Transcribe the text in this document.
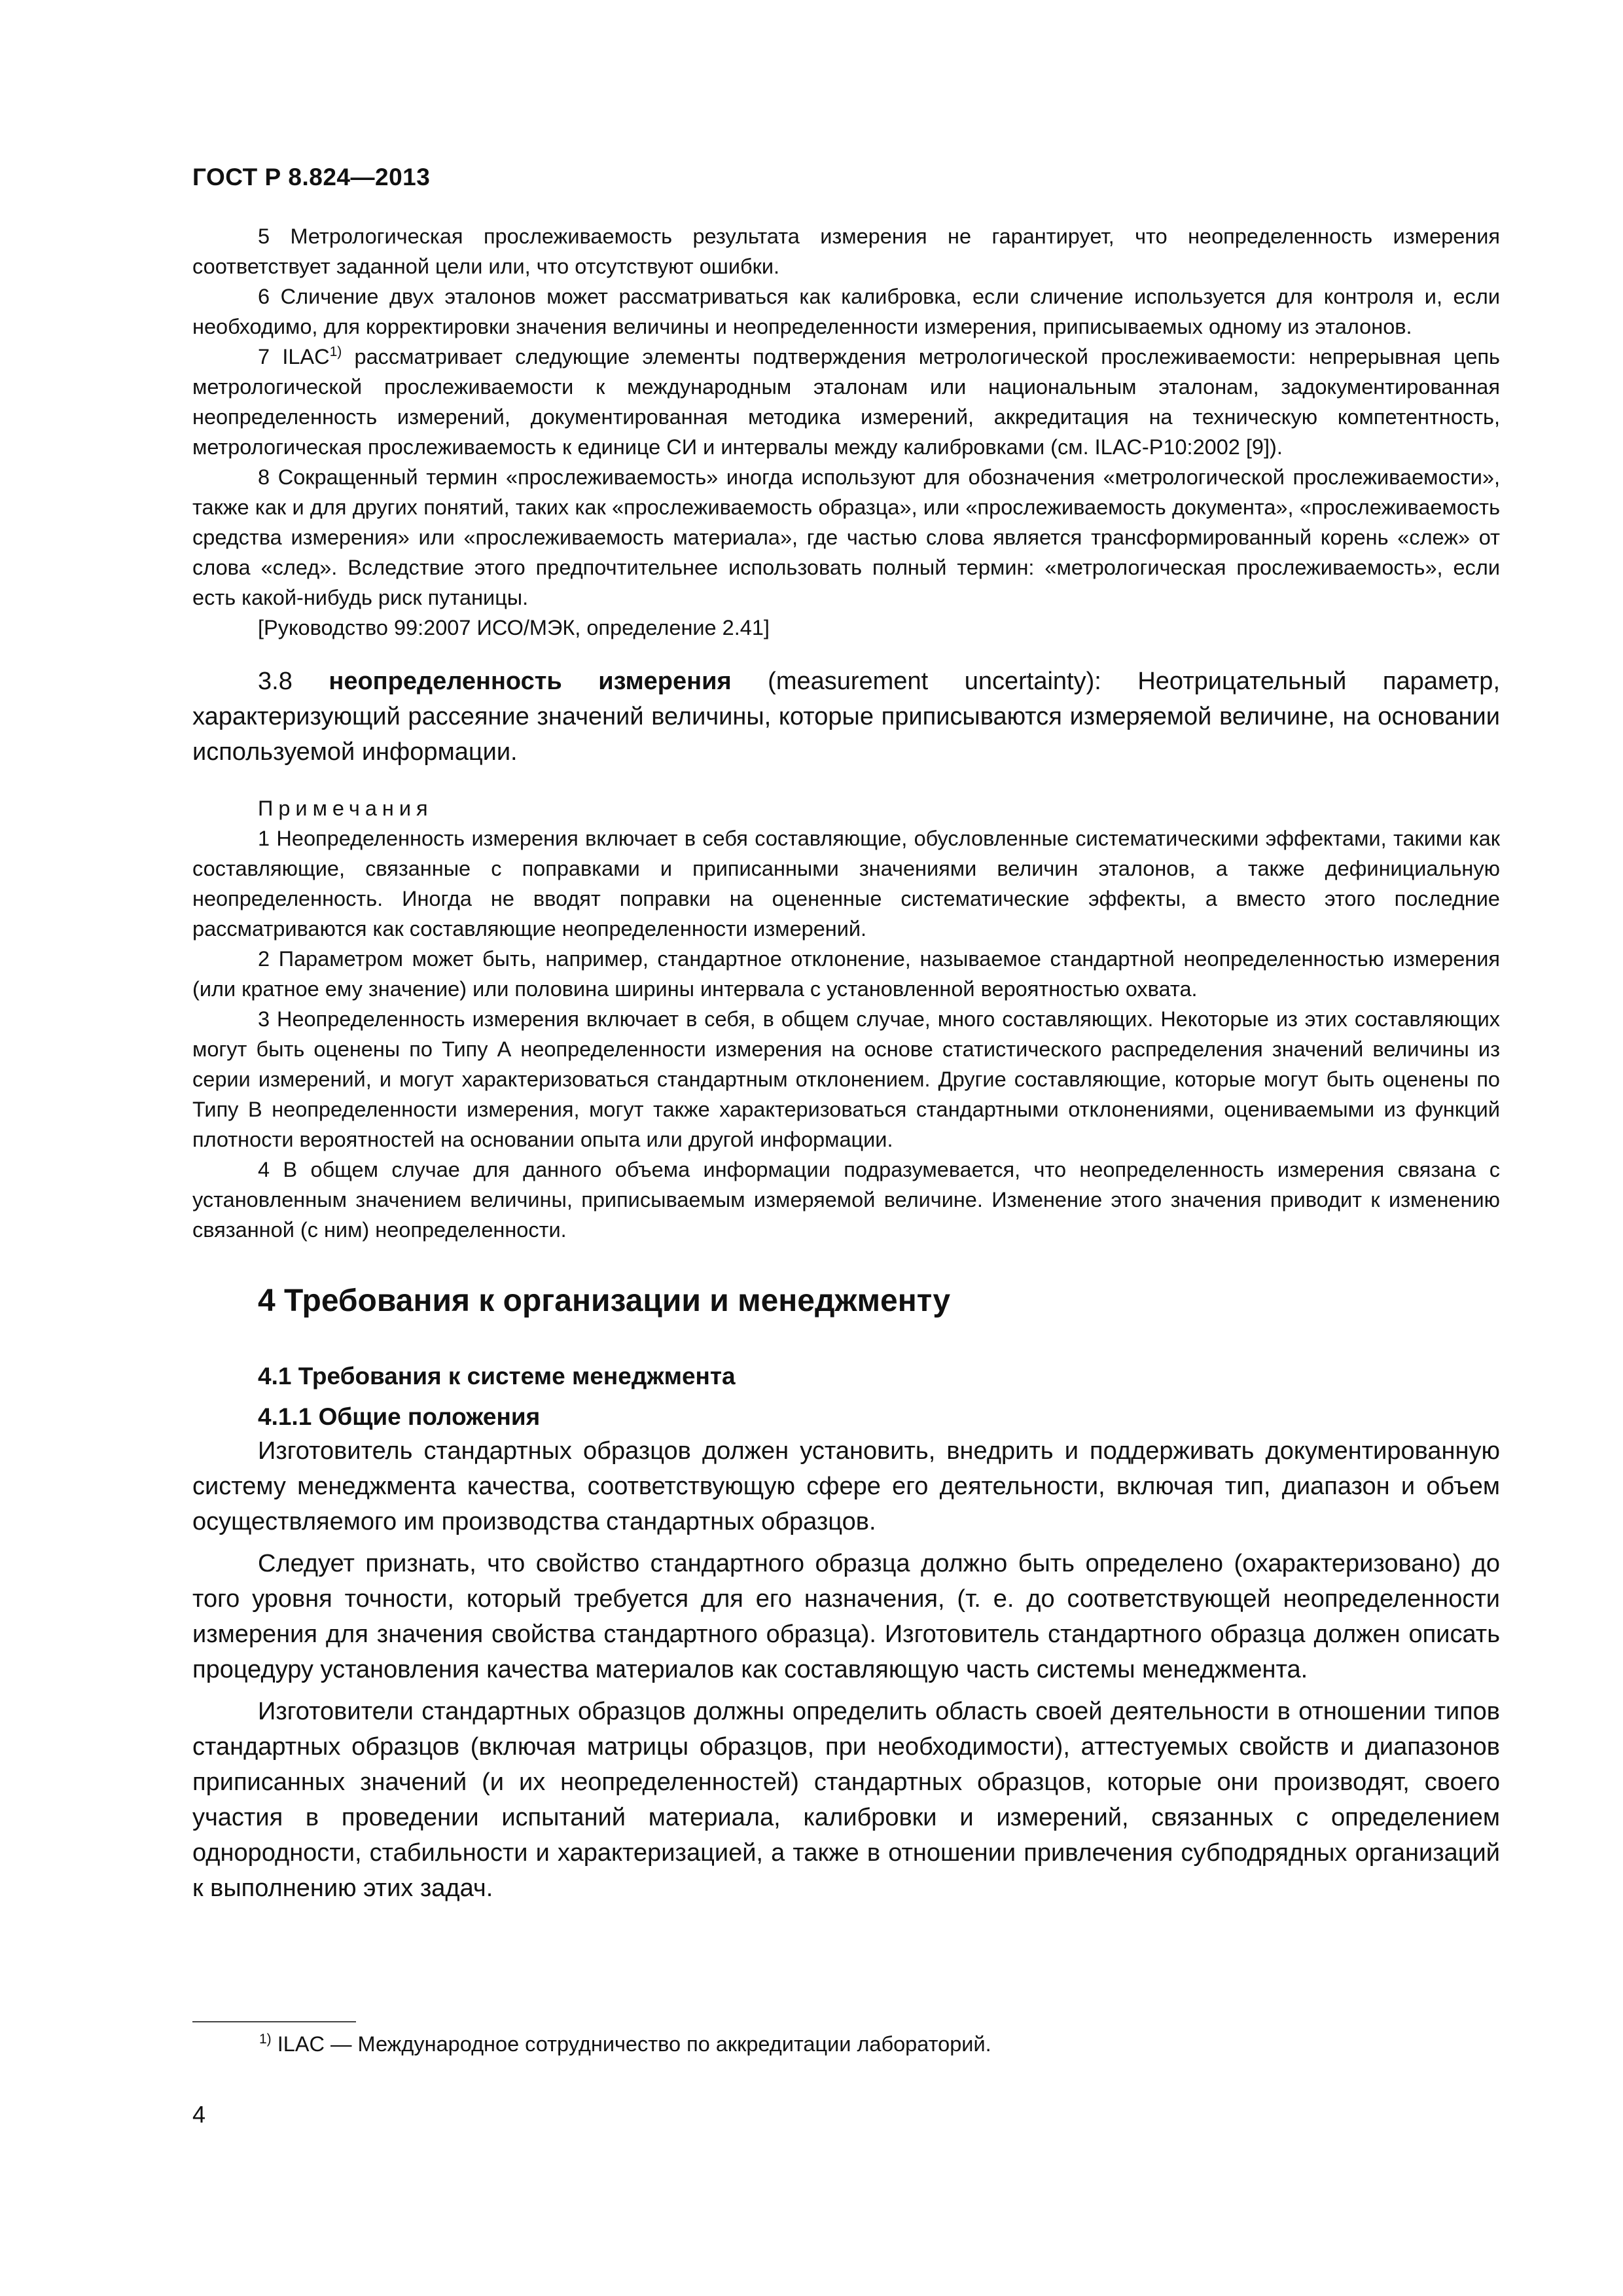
ГОСТ Р 8.824—2013

5 Метрологическая прослеживаемость результата измерения не гарантирует, что неопределенность измерения соответствует заданной цели или, что отсутствуют ошибки.

6 Сличение двух эталонов может рассматриваться как калибровка, если сличение используется для контроля и, если необходимо, для корректировки значения величины и неопределенности измерения, приписываемых одному из эталонов.

7 ILAC$^{1)}$ рассматривает следующие элементы подтверждения метрологической прослеживаемости: непрерывная цепь метрологической прослеживаемости к международным эталонам или национальным эталонам, задокументированная неопределенность измерений, документированная методика измерений, аккредитация на техническую компетентность, метрологическая прослеживаемость к единице СИ и интервалы между калибровками (см. ILAC-P10:2002 [9]).

8 Сокращенный термин «прослеживаемость» иногда используют для обозначения «метрологической прослеживаемости», также как и для других понятий, таких как «прослеживаемость образца», или «прослеживаемость документа», «прослеживаемость средства измерения» или «прослеживаемость материала», где частью слова является трансформированный корень «слеж» от слова «след». Вследствие этого предпочтительнее использовать полный термин: «метрологическая прослеживаемость», если есть какой-нибудь риск путаницы.

[Руководство 99:2007 ИСО/МЭК, определение 2.41]

3.8 неопределенность измерения (measurement uncertainty): Неотрицательный параметр, характеризующий рассеяние значений величины, которые приписываются измеряемой величине, на основании используемой информации.

Примечания

1 Неопределенность измерения включает в себя составляющие, обусловленные систематическими эффектами, такими как составляющие, связанные с поправками и приписанными значениями величин эталонов, а также дефинициальную неопределенность. Иногда не вводят поправки на оцененные систематические эффекты, а вместо этого последние рассматриваются как составляющие неопределенности измерений.

2 Параметром может быть, например, стандартное отклонение, называемое стандартной неопределенностью измерения (или кратное ему значение) или половина ширины интервала с установленной вероятностью охвата.

3 Неопределенность измерения включает в себя, в общем случае, много составляющих. Некоторые из этих составляющих могут быть оценены по Типу А неопределенности измерения на основе статистического распределения значений величины из серии измерений, и могут характеризоваться стандартным отклонением. Другие составляющие, которые могут быть оценены по Типу В неопределенности измерения, могут также характеризоваться стандартными отклонениями, оцениваемыми из функций плотности вероятностей на основании опыта или другой информации.

4 В общем случае для данного объема информации подразумевается, что неопределенность измерения связана с установленным значением величины, приписываемым измеряемой величине. Изменение этого значения приводит к изменению связанной (с ним) неопределенности.

4 Требования к организации и менеджменту
4.1 Требования к системе менеджмента
4.1.1 Общие положения

Изготовитель стандартных образцов должен установить, внедрить и поддерживать документированную систему менеджмента качества, соответствующую сфере его деятельности, включая тип, диапазон и объем осуществляемого им производства стандартных образцов.

Следует признать, что свойство стандартного образца должно быть определено (охарактеризовано) до того уровня точности, который требуется для его назначения, (т. е. до соответствующей неопределенности измерения для значения свойства стандартного образца). Изготовитель стандартного образца должен описать процедуру установления качества материалов как составляющую часть системы менеджмента.

Изготовители стандартных образцов должны определить область своей деятельности в отношении типов стандартных образцов (включая матрицы образцов, при необходимости), аттестуемых свойств и диапазонов приписанных значений (и их неопределенностей) стандартных образцов, которые они производят, своего участия в проведении испытаний материала, калибровки и измерений, связанных с определением однородности, стабильности и характеризацией, а также в отношении привлечения субподрядных организаций к выполнению этих задач.

$^{1)}$ ILAC — Международное сотрудничество по аккредитации лабораторий.
4
